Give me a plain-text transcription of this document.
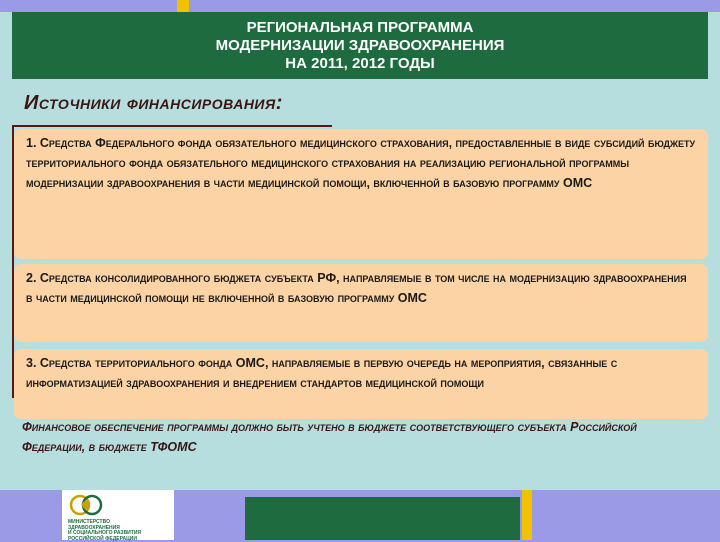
РЕГИОНАЛЬНАЯ ПРОГРАММА
МОДЕРНИЗАЦИИ ЗДРАВООХРАНЕНИЯ
НА 2011, 2012 ГОДЫ
Источники финансирования:
1. Средства Федерального фонда обязательного медицинского страхования, предоставленные в виде субсидий бюджету территориального фонда обязательного медицинского страхования на реализацию региональной программы модернизации здравоохранения в части медицинской помощи, включенной в базовую программу ОМС
2. Средства консолидированного бюджета субъекта РФ, направляемые в том числе на модернизацию здравоохранения в части медицинской помощи не включенной в базовую программу ОМС
3. Средства территориального фонда ОМС, направляемые в первую очередь на мероприятия, связанные с информатизацией здравоохранения и внедрением стандартов медицинской помощи
Финансовое обеспечение программы должно быть учтено в бюджете соответствующего субъекта Российской Федерации, в бюджете ТФОМС
МИНИСТЕРСТВО
ЗДРАВООХРАНЕНИЯ
И СОЦИАЛЬНОГО РАЗВИТИЯ
РОССИЙСКОЙ ФЕДЕРАЦИИ
